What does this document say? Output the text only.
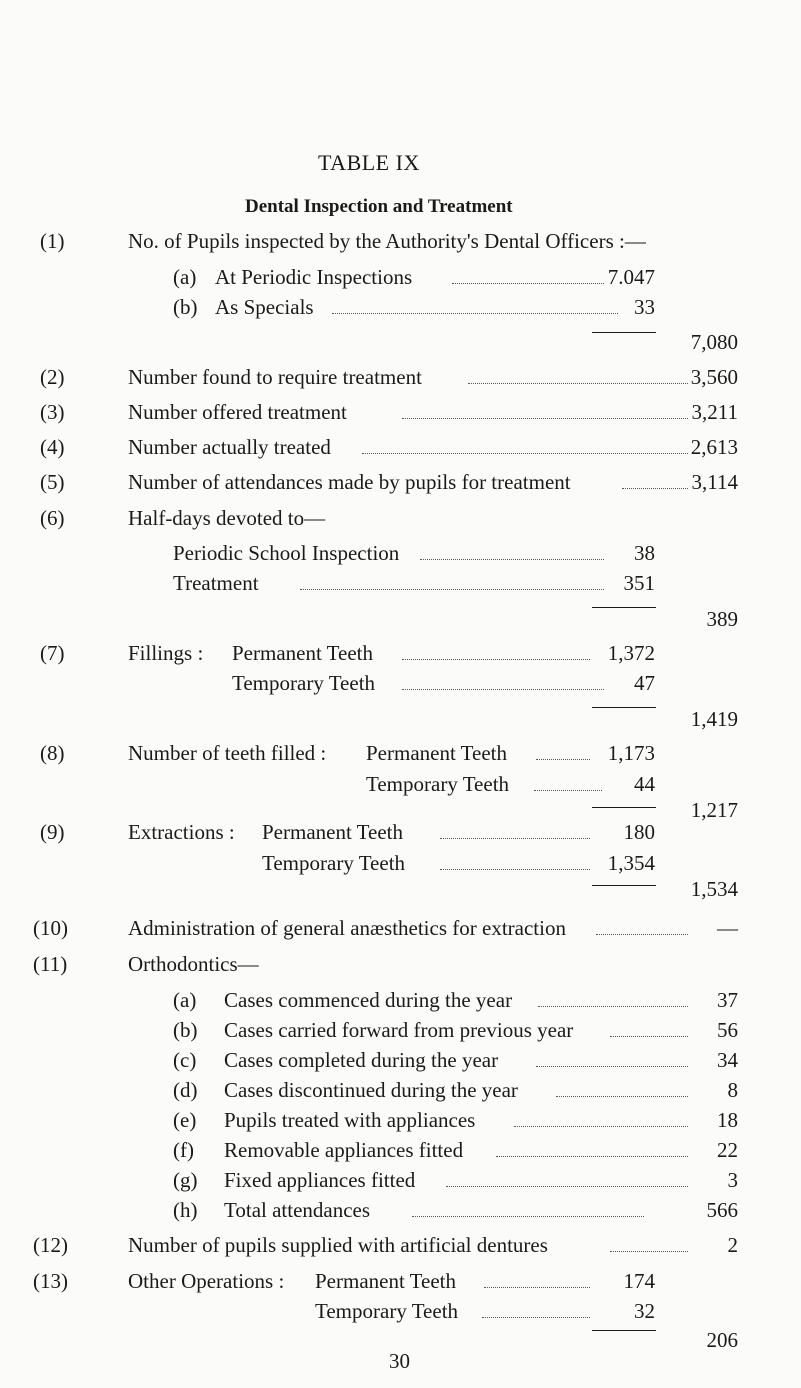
TABLE IX
Dental Inspection and Treatment
(1)	No. of Pupils inspected by the Authority's Dental Officers :—
(a) At Periodic Inspections	7.047
(b) As Specials	33
7,080
(2)	Number found to require treatment	3,560
(3)	Number offered treatment	3,211
(4)	Number actually treated	2,613
(5)	Number of attendances made by pupils for treatment	3,114
(6)	Half-days devoted to—
Periodic School Inspection	38
Treatment	351
389
(7)	Fillings : Permanent Teeth	1,372
Temporary Teeth	47
1,419
(8)	Number of teeth filled : Permanent Teeth	1,173
Temporary Teeth	44
1,217
(9)	Extractions : Permanent Teeth	180
Temporary Teeth	1,354
1,534
(10)	Administration of general anæsthetics for extraction	—
(11)	Orthodontics—
(a) Cases commenced during the year	37
(b) Cases carried forward from previous year	56
(c) Cases completed during the year	34
(d) Cases discontinued during the year	8
(e) Pupils treated with appliances	18
(f) Removable appliances fitted	22
(g) Fixed appliances fitted	3
(h) Total attendances	566
(12)	Number of pupils supplied with artificial dentures	2
(13)	Other Operations : Permanent Teeth	174
Temporary Teeth	32
206
30
